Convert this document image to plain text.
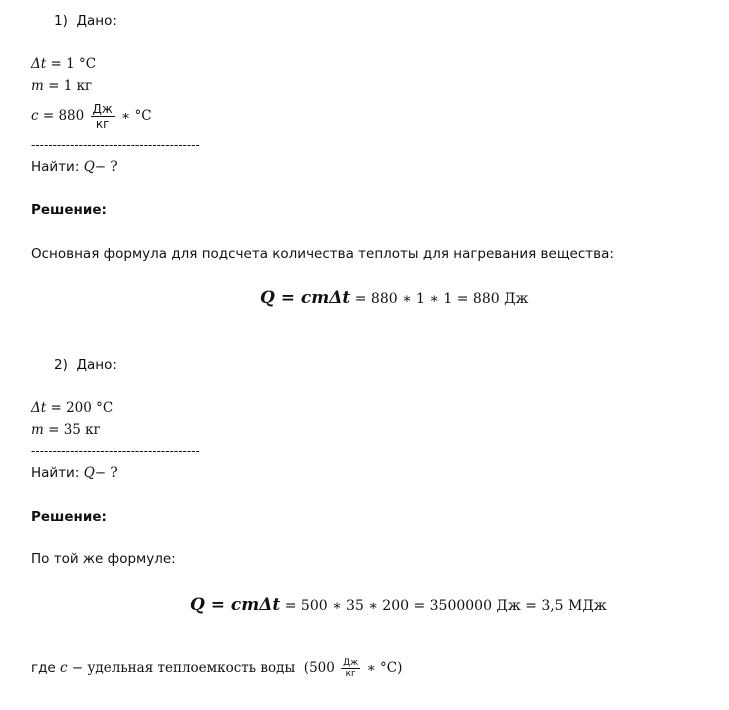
1) Дано:
Δt = 1 °C
m = 1 кг
$c = 880 \frac{Дж}{кг}$ ∗ °C
---------------------------------------
Найти: Q− ?
Решение:
Основная формула для подсчета количества теплоты для нагревания вещества:
Q = cmΔt = 880 ∗ 1 ∗ 1 = 880 Дж
2) Дано:
Δt = 200 °C
m = 35 кг
---------------------------------------
Найти: Q− ?
Решение:
По той же формуле:
Q = cmΔt = 500 ∗ 35 ∗ 200 = 3500000 Дж = 3,5 МДж
где c − удельная теплоемкость воды ($500 \frac{Дж}{кг}$ ∗ °C)
